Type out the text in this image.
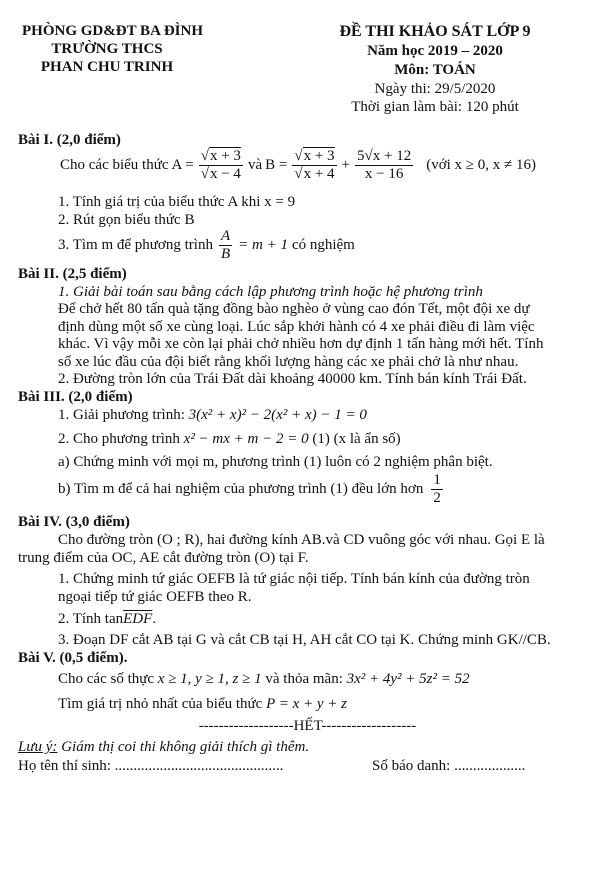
PHÒNG GD&ĐT BA ĐÌNH
TRƯỜNG THCS
PHAN CHU TRINH
ĐỀ THI KHẢO SÁT LỚP 9
Năm học 2019 – 2020
Môn: TOÁN
Ngày thi: 29/5/2020
Thời gian làm bài: 120 phút
Bài I. (2,0 điểm)
Cho các biểu thức A = √ x + 3
√ x − 4 và B = √ x + 3
√ $x + 4 + \frac{5√x + 12}{x - 16}$ (với x ≥ 0, x ≠ 16)
1. Tính giá trị của biểu thức A khi x = 9
2. Rút gọn biểu thức B
3. Tìm m để phương trình $\frac{A}{B} = m + 1$ có nghiệm
Bài II. (2,5 điểm)
1. Giải bài toán sau bằng cách lập phương trình hoặc hệ phương trình
Để chở hết 80 tấn quà tặng đồng bào nghèo ở vùng cao đón Tết, một đội xe dự
định dùng một số xe cùng loại. Lúc sắp khởi hành có 4 xe phải điều đi làm việc
khác. Vì vậy mỗi xe còn lại phải chở nhiều hơn dự định 1 tấn hàng mới hết. Tính
số xe lúc đầu của đội biết rằng khối lượng hàng các xe phải chở là như nhau.
2. Đường tròn lớn của Trái Đất dài khoảng 40000 km. Tính bán kính Trái Đất.
Bài III. (2,0 điểm)
1. Giải phương trình: 3(x² + x)² − 2(x² + x) − 1 = 0
2. Cho phương trình x² − mx + m − 2 = 0 (1) (x là ẩn số)
a) Chứng minh với mọi m, phương trình (1) luôn có 2 nghiệm phân biệt.
b) Tìm m để cả hai nghiệm của phương trình (1) đều lớn hơn $\frac{1}{2}$
Bài IV. (3,0 điểm)
Cho đường tròn (O ; R), hai đường kính AB.và CD vuông góc với nhau. Gọi E là
trung điểm của OC, AE cắt đường tròn (O) tại F.
1. Chứng minh tứ giác OEFB là tứ giác nội tiếp. Tính bán kính của đường tròn
ngoại tiếp tứ giác OEFB theo R.
2. Tính $\tan\overline{EDF}$.
3. Đoạn DF cắt AB tại G và cắt CB tại H, AH cắt CO tại K. Chứng minh GK//CB.
Bài V. (0,5 điểm).
Cho các số thực x ≥ 1, y ≥ 1, z ≥ 1 và thỏa mãn: 3x² + 4y² + 5z² = 52
Tìm giá trị nhỏ nhất của biểu thức P = x + y + z
-------------------HẾT-------------------
Lưu ý: Giám thị coi thi không giải thích gì thêm.
Họ tên thí sinh: .............................................	Số báo danh: ...................
